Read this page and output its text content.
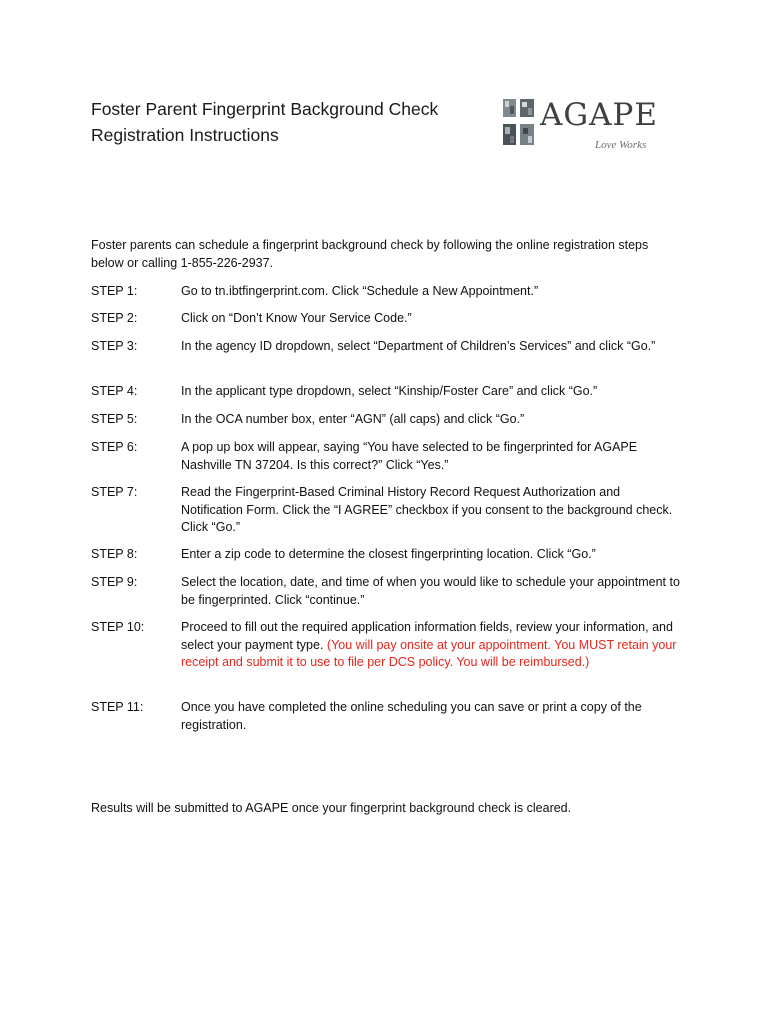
Foster Parent Fingerprint Background Check
Registration Instructions
AGAPE
Love Works
Foster parents can schedule a fingerprint background check by following the online registration steps below or calling 1-855-226-2937.
STEP 1:	Go to tn.ibtfingerprint.com. Click “Schedule a New Appointment.”
STEP 2:	Click on “Don’t Know Your Service Code.”
STEP 3:	In the agency ID dropdown, select “Department of Children’s Services” and click “Go.”
STEP 4:	In the applicant type dropdown, select “Kinship/Foster Care” and click “Go.”
STEP 5:	In the OCA number box, enter “AGN” (all caps) and click “Go.”
STEP 6:	A pop up box will appear, saying “You have selected to be fingerprinted for AGAPE Nashville TN 37204. Is this correct?” Click “Yes.”
STEP 7:	Read the Fingerprint-Based Criminal History Record Request Authorization and Notification Form. Click the “I AGREE” checkbox if you consent to the background check. Click “Go.”
STEP 8:	Enter a zip code to determine the closest fingerprinting location. Click “Go.”
STEP 9:	Select the location, date, and time of when you would like to schedule your appointment to be fingerprinted. Click “continue.”
STEP 10:	Proceed to fill out the required application information fields, review your information, and select your payment type. (You will pay onsite at your appointment. You MUST retain your receipt and submit it to use to file per DCS policy. You will be reimbursed.)
STEP 11:	Once you have completed the online scheduling you can save or print a copy of the registration.
Results will be submitted to AGAPE once your fingerprint background check is cleared.
